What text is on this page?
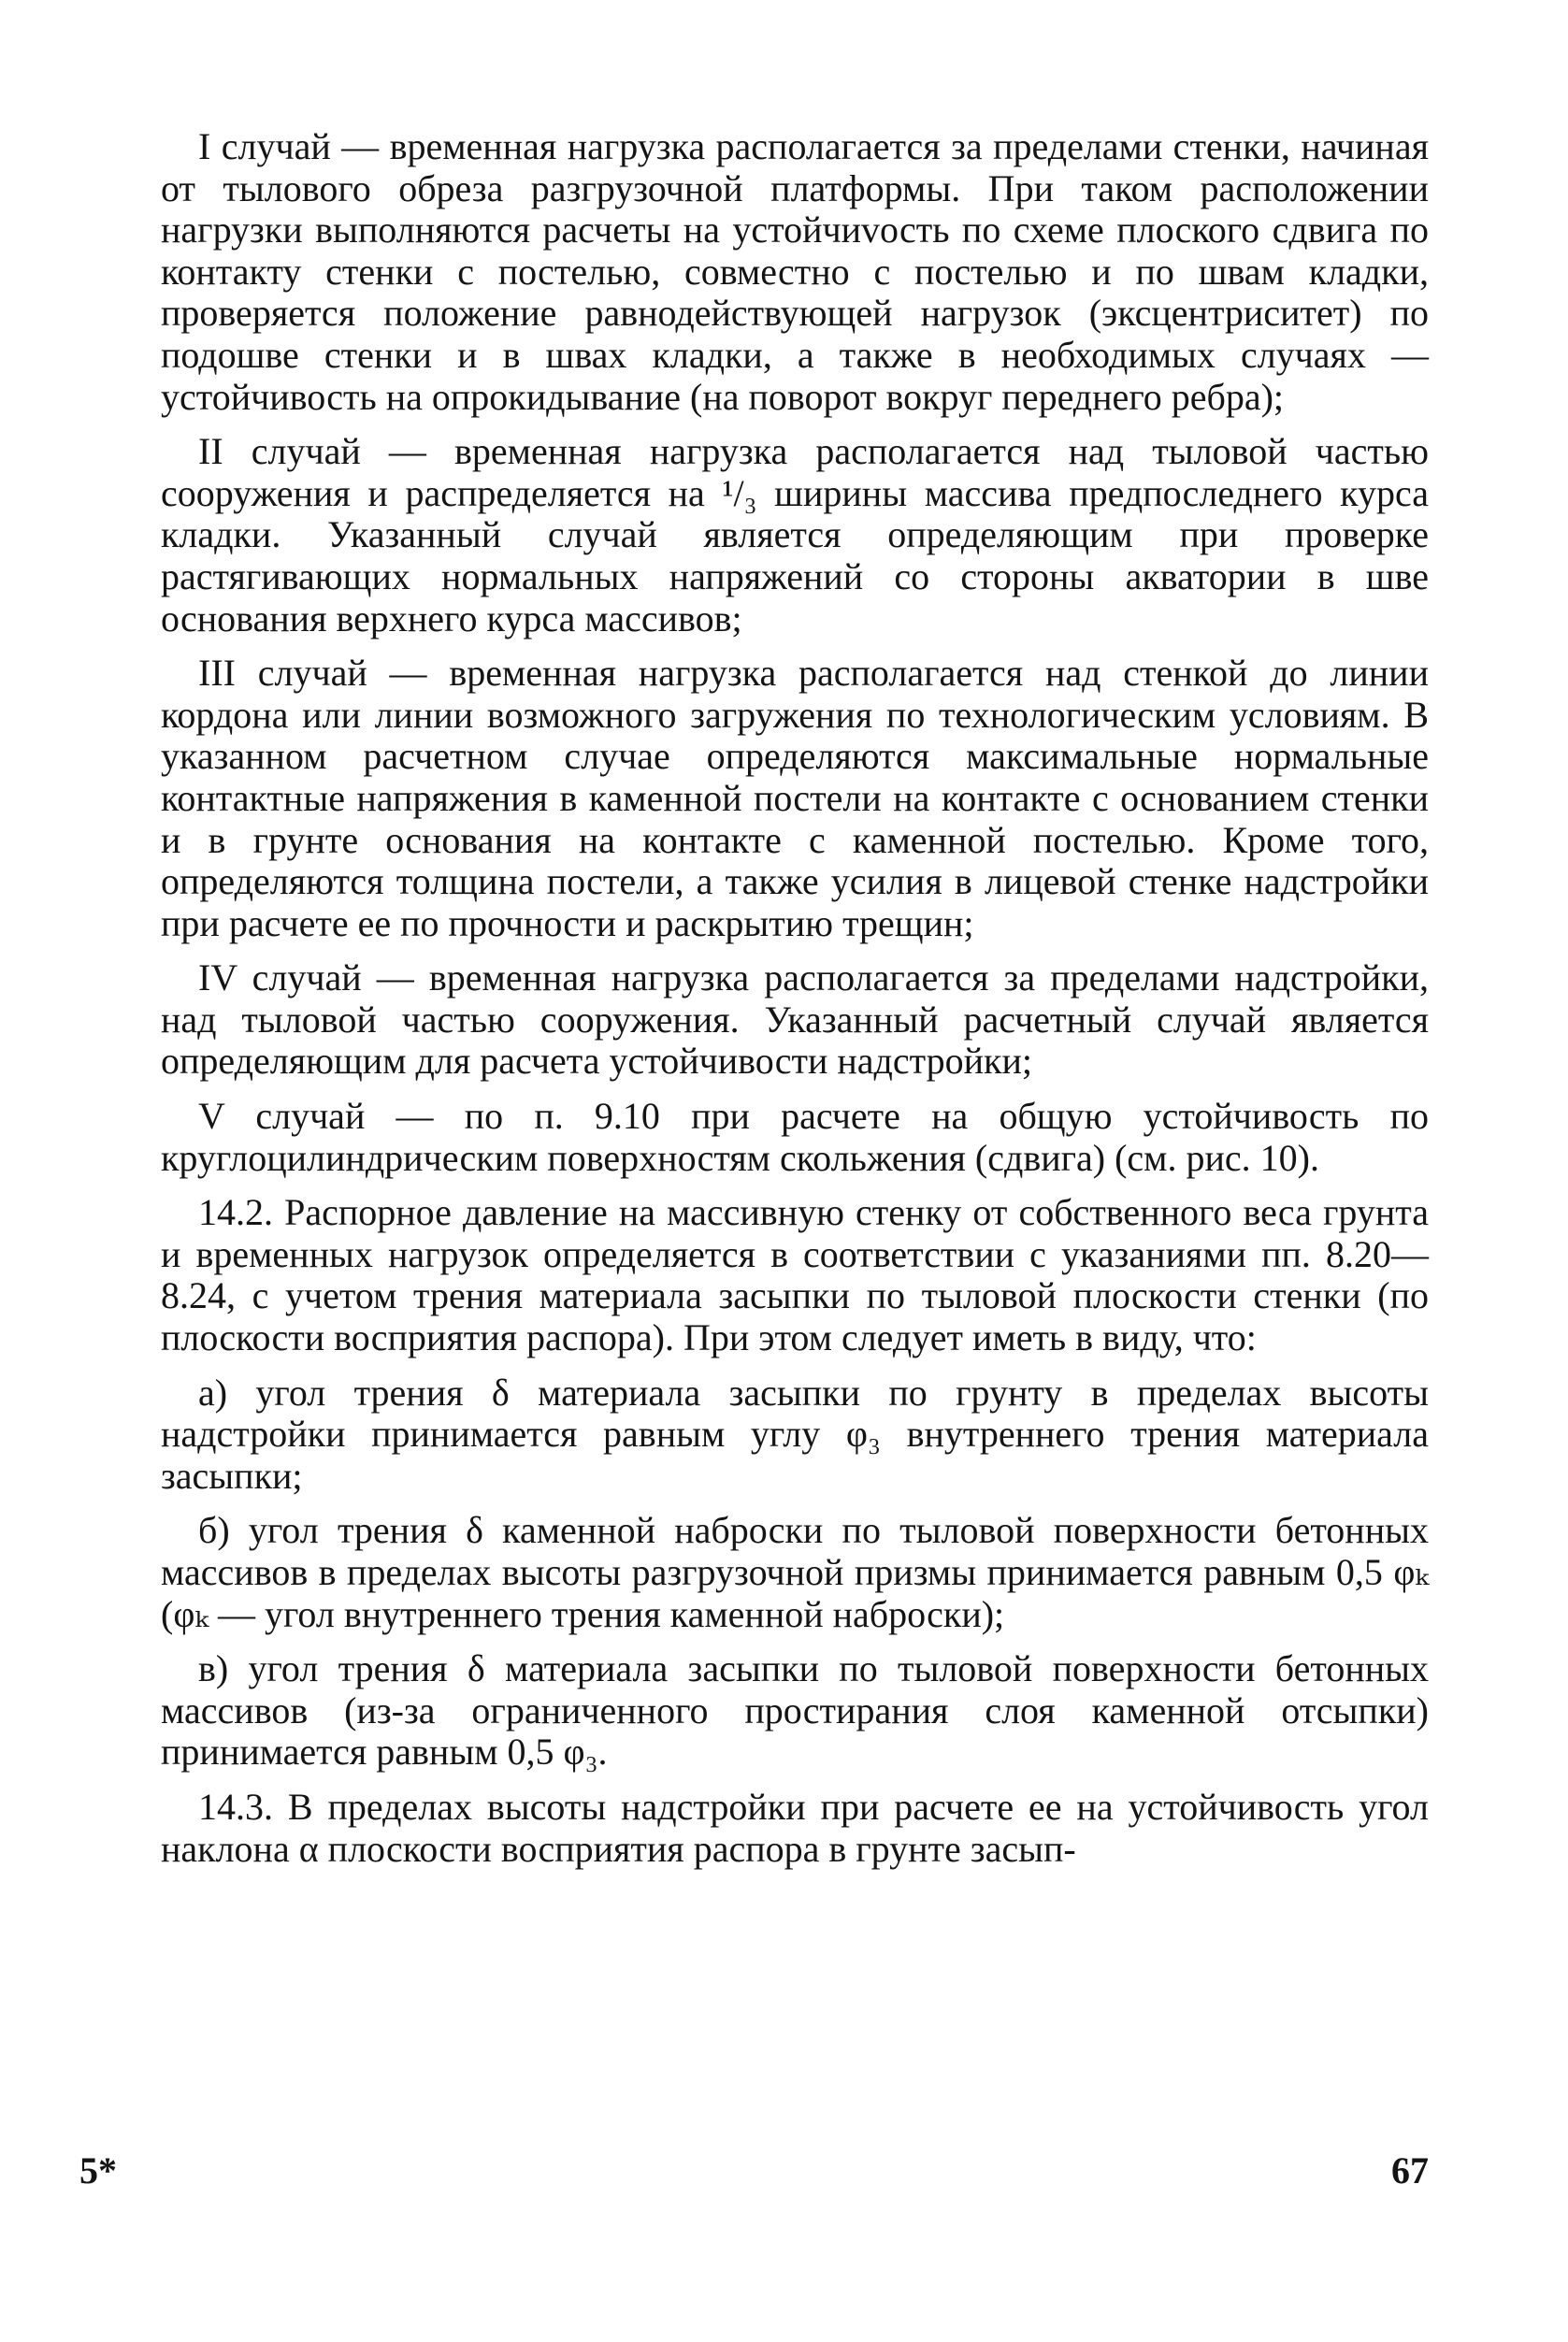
I случай — временная нагрузка располагается за пределами стенки, начиная от тылового обреза разгрузочной платформы. При таком расположении нагрузки выполняются расчеты на устойчиvость по схеме плоского сдвига по контакту стенки с постелью, совместно с постелью и по швам кладки, проверяется положение равнодействующей нагрузок (эксцентриситет) по подошве стенки и в швах кладки, а также в необходимых случаях — устойчивость на опрокидывание (на поворот вокруг переднего ребра);

II случай — временная нагрузка располагается над тыловой частью сооружения и распределяется на ¹/₃ ширины массива предпоследнего курса кладки. Указанный случай является определяющим при проверке растягивающих нормальных напряжений со стороны акватории в шве основания верхнего курса массивов;

III случай — временная нагрузка располагается над стенкой до линии кордона или линии возможного загружения по технологическим условиям. В указанном расчетном случае определяются максимальные нормальные контактные напряжения в каменной постели на контакте с основанием стенки и в грунте основания на контакте с каменной постелью. Кроме того, определяются толщина постели, а также усилия в лицевой стенке надстройки при расчете ее по прочности и раскрытию трещин;

IV случай — временная нагрузка располагается за пределами надстройки, над тыловой частью сооружения. Указанный расчетный случай является определяющим для расчета устойчивости надстройки;

V случай — по п. 9.10 при расчете на общую устойчивость по круглоцилиндрическим поверхностям скольжения (сдвига) (см. рис. 10).

14.2. Распорное давление на массивную стенку от собственного веса грунта и временных нагрузок определяется в соответствии с указаниями пп. 8.20—8.24, с учетом трения материала засыпки по тыловой плоскости стенки (по плоскости восприятия распора). При этом следует иметь в виду, что:

а) угол трения δ материала засыпки по грунту в пределах высоты надстройки принимается равным углу φ₃ внутреннего трения материала засыпки;

б) угол трения δ каменной наброски по тыловой поверхности бетонных массивов в пределах высоты разгрузочной призмы принимается равным 0,5 φₖ (φₖ — угол внутреннего трения каменной наброски);

в) угол трения δ материала засыпки по тыловой поверхности бетонных массивов (из-за ограниченного простирания слоя каменной отсыпки) принимается равным 0,5 φ₃.

14.3. В пределах высоты надстройки при расчете ее на устойчивость угол наклона α плоскости восприятия распора в грунте засып-

5*	67
